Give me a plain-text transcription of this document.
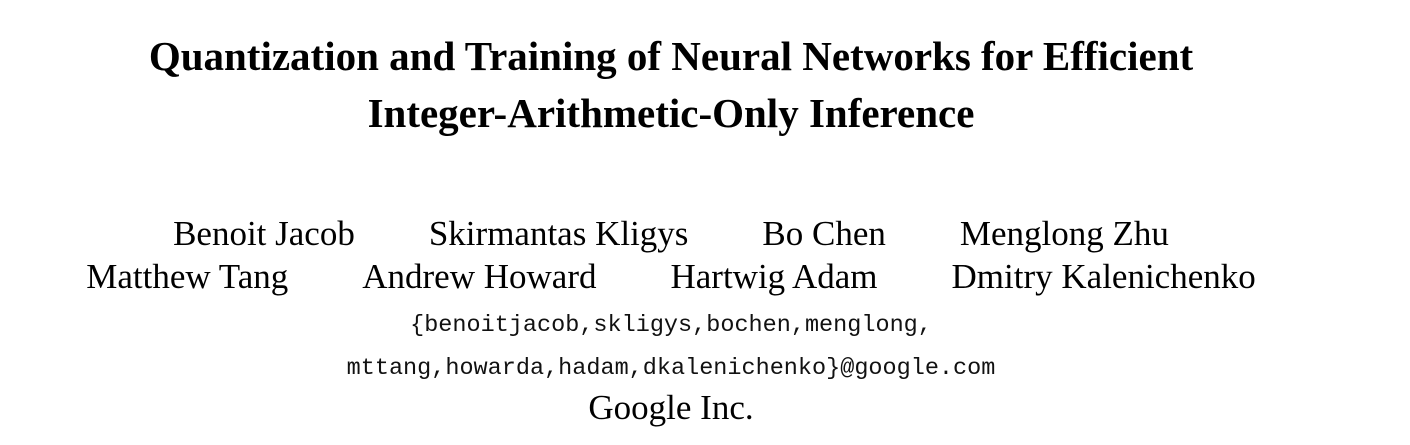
Quantization and Training of Neural Networks for Efficient
Integer-Arithmetic-Only Inference
Benoit Jacob Skirmantas Kligys Bo Chen Menglong Zhu
Matthew Tang Andrew Howard Hartwig Adam Dmitry Kalenichenko
{benoitjacob,skligys,bochen,menglong,
mttang,howarda,hadam,dkalenichenko}@google.com
Google Inc.
